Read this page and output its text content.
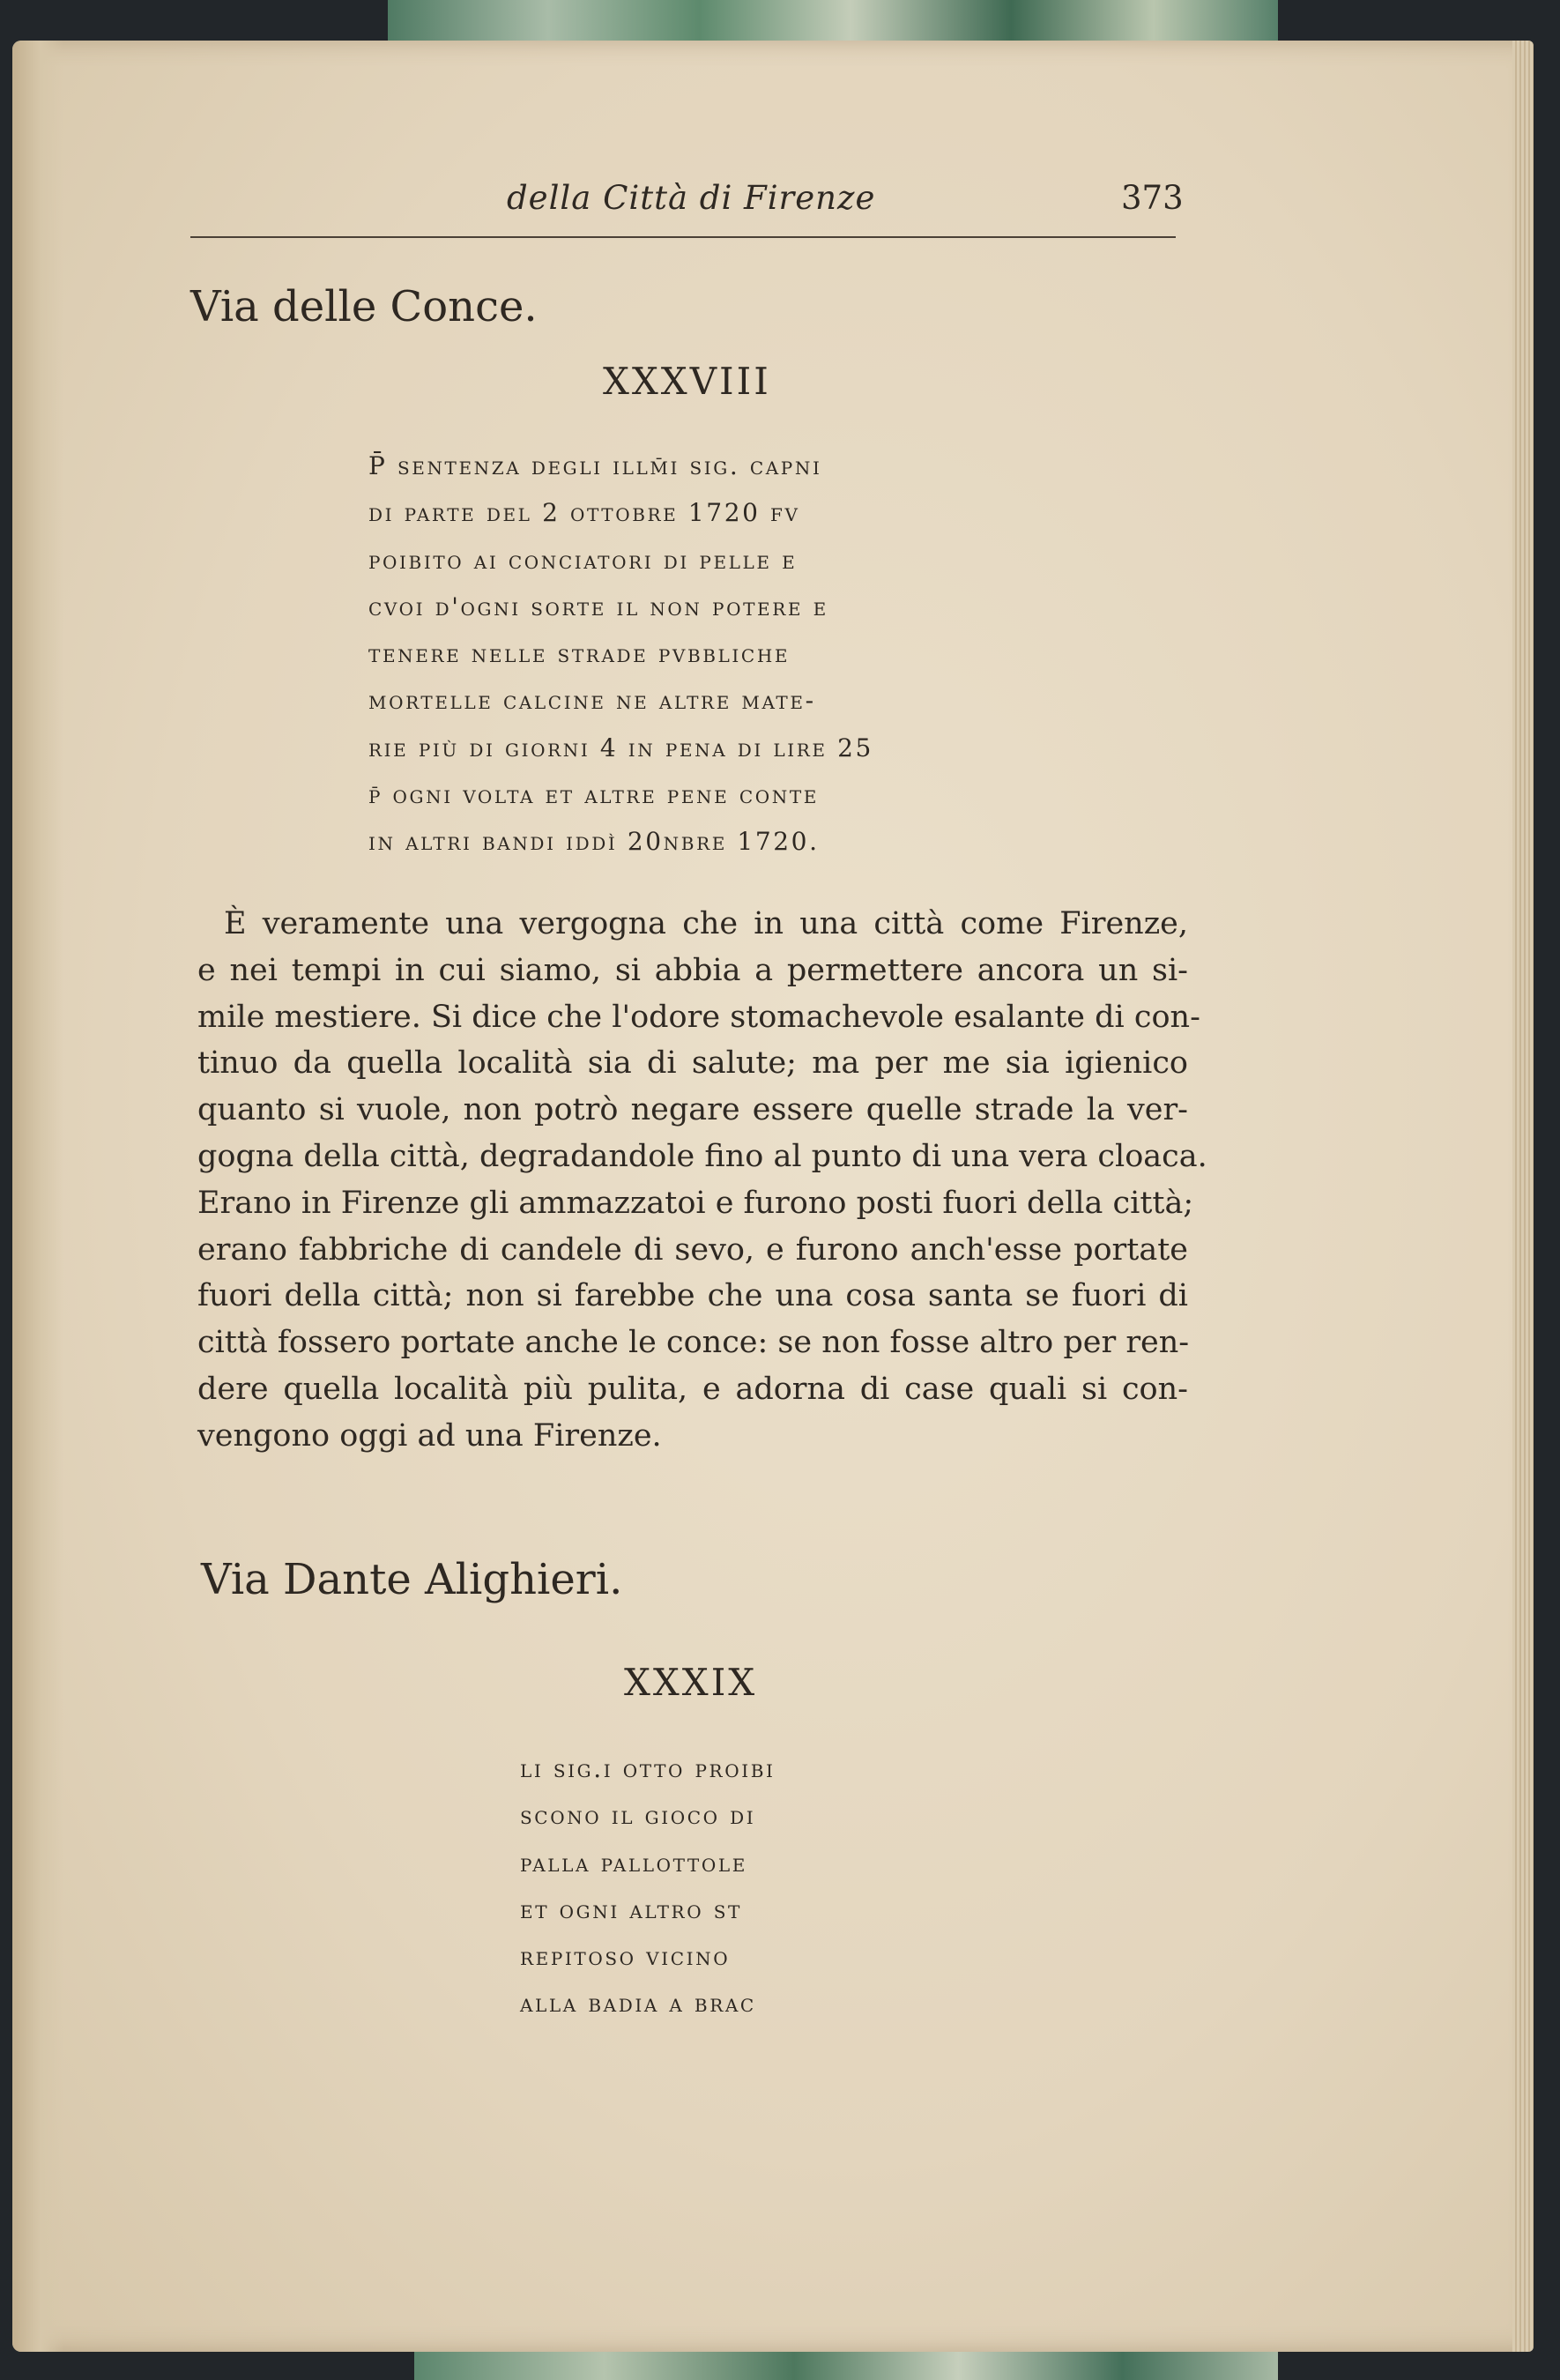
della Città di Firenze	373

Via delle Conce.

XXXVIII

P̄ sentenza degli illm̄i sig. capni
di parte del 2 ottobre 1720 fv
poibito ai conciatori di pelle e
cvoi d'ogni sorte il non potere e
tenere nelle strade pvbbliche
mortelle calcine ne altre mate-
rie più di giorni 4 in pena di lire 25
p̄ ogni volta et altre pene conte
in altri bandi iddì 20nbre 1720.
È veramente una vergogna che in una città come Firenze,
e nei tempi in cui siamo, si abbia a permettere ancora un si-
mile mestiere. Si dice che l'odore stomachevole esalante di con-
tinuo da quella località sia di salute; ma per me sia igienico
quanto si vuole, non potrò negare essere quelle strade la ver-
gogna della città, degradandole fino al punto di una vera cloaca.
Erano in Firenze gli ammazzatoi e furono posti fuori della città;
erano fabbriche di candele di sevo, e furono anch'esse portate
fuori della città; non si farebbe che una cosa santa se fuori di
città fossero portate anche le conce: se non fosse altro per ren-
dere quella località più pulita, e adorna di case quali si con-
vengono oggi ad una Firenze.

Via Dante Alighieri.

XXXIX

li sig.i otto proibi
scono il gioco di
palla pallottole
et ogni altro st
repitoso vicino
alla badia a brac
